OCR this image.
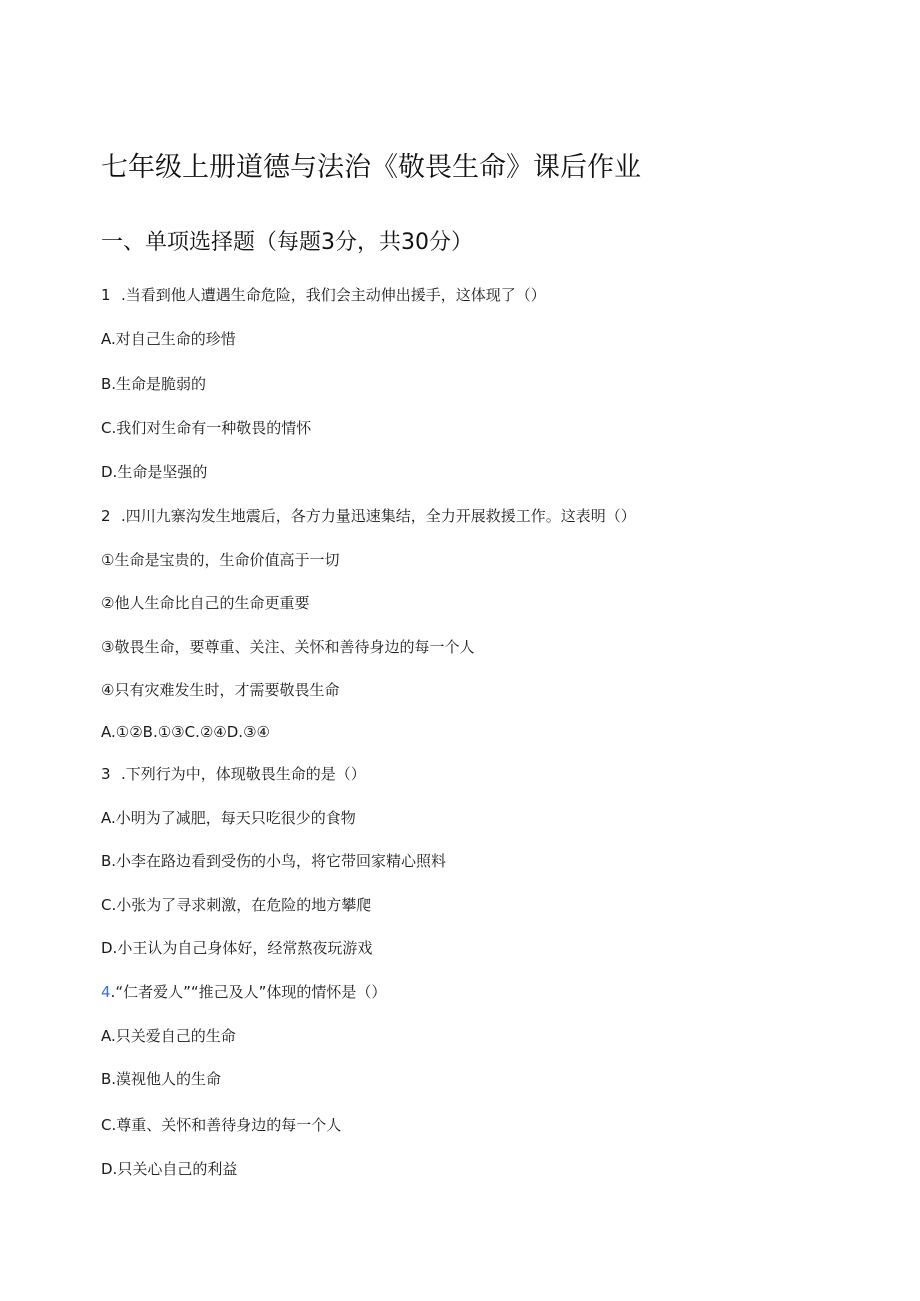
七年级上册道德与法治《敬畏生命》课后作业
一、单项选择题（每题3分，共30分）
1 .当看到他人遭遇生命危险，我们会主动伸出援手，这体现了（）
A.对自己生命的珍惜
B.生命是脆弱的
C.我们对生命有一种敬畏的情怀
D.生命是坚强的
2 .四川九寨沟发生地震后，各方力量迅速集结，全力开展救援工作。这表明（）
①生命是宝贵的，生命价值高于一切
②他人生命比自己的生命更重要
③敬畏生命，要尊重、关注、关怀和善待身边的每一个人
④只有灾难发生时，才需要敬畏生命
A.①②B.①③C.②④D.③④
3 .下列行为中，体现敬畏生命的是（）
A.小明为了减肥，每天只吃很少的食物
B.小李在路边看到受伤的小鸟，将它带回家精心照料
C.小张为了寻求刺激，在危险的地方攀爬
D.小王认为自己身体好，经常熬夜玩游戏
4.“仁者爱人”“推己及人”体现的情怀是（）
A.只关爱自己的生命
B.漠视他人的生命
C.尊重、关怀和善待身边的每一个人
D.只关心自己的利益
